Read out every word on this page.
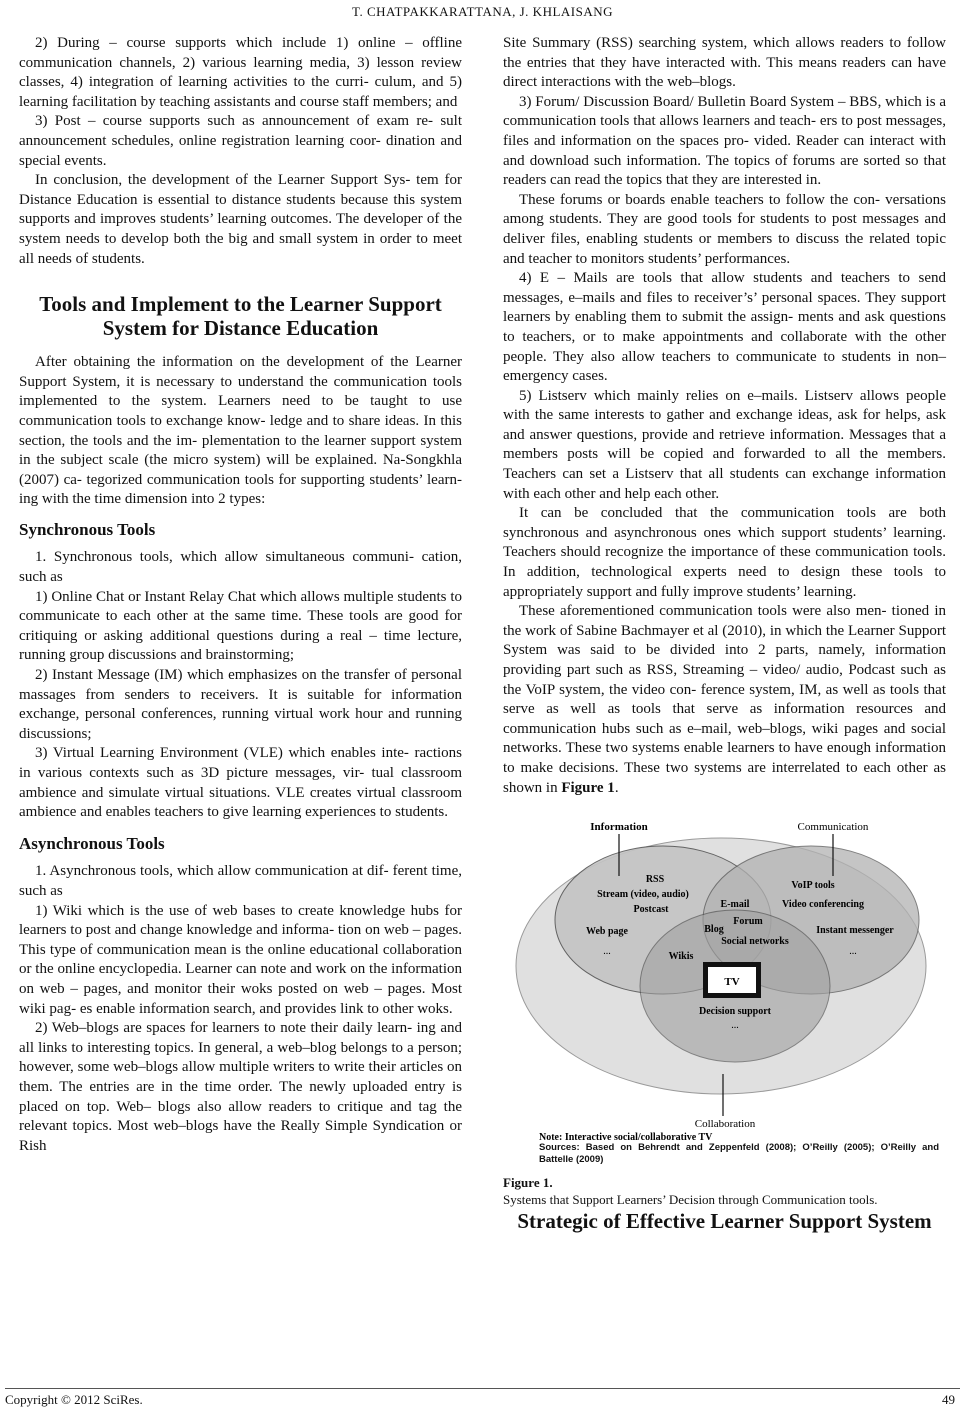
T. CHATPAKKARATTANA, J. KHLAISANG

2) During – course supports which include 1) online – offline communication channels, 2) various learning media, 3) lesson review classes, 4) integration of learning activities to the curri- culum, and 5) learning facilitation by teaching assistants and course staff members; and

3) Post – course supports such as announcement of exam re- sult announcement schedules, online registration learning coor- dination and special events.

In conclusion, the development of the Learner Support Sys- tem for Distance Education is essential to distance students because this system supports and improves students’ learning outcomes. The developer of the system needs to develop both the big and small system in order to meet all needs of students.

Tools and Implement to the Learner Support System for Distance Education

After obtaining the information on the development of the Learner Support System, it is necessary to understand the communication tools implemented to the system. Learners need to be taught to use communication tools to exchange know- ledge and to share ideas. In this section, the tools and the im- plementation to the learner support system in the subject scale (the micro system) will be explained. Na-Songkhla (2007) ca- tegorized communication tools for supporting students’ learn- ing with the time dimension into 2 types:

Synchronous Tools

1. Synchronous tools, which allow simultaneous communi- cation, such as

1) Online Chat or Instant Relay Chat which allows multiple students to communicate to each other at the same time. These tools are good for critiquing or asking additional questions during a real – time lecture, running group discussions and brainstorming;

2) Instant Message (IM) which emphasizes on the transfer of personal massages from senders to receivers. It is suitable for information exchange, personal conferences, running virtual work hour and running discussions;

3) Virtual Learning Environment (VLE) which enables inte- ractions in various contexts such as 3D picture messages, vir- tual classroom ambience and simulate virtual situations. VLE creates virtual classroom ambience and enables teachers to give learning experiences to students.

Asynchronous Tools

1. Asynchronous tools, which allow communication at dif- ferent time, such as

1) Wiki which is the use of web bases to create knowledge hubs for learners to post and change knowledge and informa- tion on web – pages. This type of communication mean is the online educational collaboration or the online encyclopedia. Learner can note and work on the information on web – pages, and monitor their woks posted on web – pages. Most wiki pag- es enable information search, and provides link to other woks.

2) Web–blogs are spaces for learners to note their daily learn- ing and all links to interesting topics. In general, a web–blog belongs to a person; however, some web–blogs allow multiple writers to write their articles on them. The entries are in the time order. The newly uploaded entry is placed on top. Web– blogs also allow readers to critique and tag the relevant topics. Most web–blogs have the Really Simple Syndication or Rish

Site Summary (RSS) searching system, which allows readers to follow the entries that they have interacted with. This means readers can have direct interactions with the web–blogs.

3) Forum/ Discussion Board/ Bulletin Board System – BBS, which is a communication tools that allows learners and teach- ers to post messages, files and information on the spaces pro- vided. Reader can interact with and download such information. The topics of forums are sorted so that readers can read the topics that they are interested in.

These forums or boards enable teachers to follow the con- versations among students. They are good tools for students to post messages and deliver files, enabling students or members to discuss the related topic and teacher to monitors students’ performances.

4) E – Mails are tools that allow students and teachers to send messages, e–mails and files to receiver’s’ personal spaces. They support learners by enabling them to submit the assign- ments and ask questions to teachers, or to make appointments and collaborate with the other people. They also allow teachers to communicate to students in non–emergency cases.

5) Listserv which mainly relies on e–mails. Listserv allows people with the same interests to gather and exchange ideas, ask for helps, ask and answer questions, provide and retrieve information. Messages that a members posts will be copied and forwarded to all the members. Teachers can set a Listserv that all students can exchange information with each other and help each other.

It can be concluded that the communication tools are both synchronous and asynchronous ones which support students’ learning. Teachers should recognize the importance of these communication tools. In addition, technological experts need to design these tools to appropriately support and fully improve students’ learning.

These aforementioned communication tools were also men- tioned in the work of Sabine Bachmayer et al (2010), in which the Learner Support System was said to be divided into 2 parts, namely, information providing part such as RSS, Streaming – video/ audio, Podcast such as the VoIP system, the video con- ference system, IM, as well as tools that serve as well as tools that serve as information resources and communication hubs such as e–mail, web–blogs, wiki pages and social networks. These two systems enable learners to have enough information to make decisions. These two systems are interrelated to each other as shown in Figure 1.

Information	Communication
RSS
Stream (video, audio)
Postcast
Web page
...
VoIP tools
Video conferencing
Instant messenger
...
E-mail
Forum
Blog
Social networks
Wikis
TV
Decision support
...
Collaboration
Note: Interactive social/collaborative TV
Sources: Based on Behrendt and Zeppenfeld (2008); O’Reilly (2005); O’Reilly and Battelle (2009)
Figure 1.
Systems that Support Learners’ Decision through Communication tools.
Strategic of Effective Learner Support System
Copyright © 2012 SciRes.	49
